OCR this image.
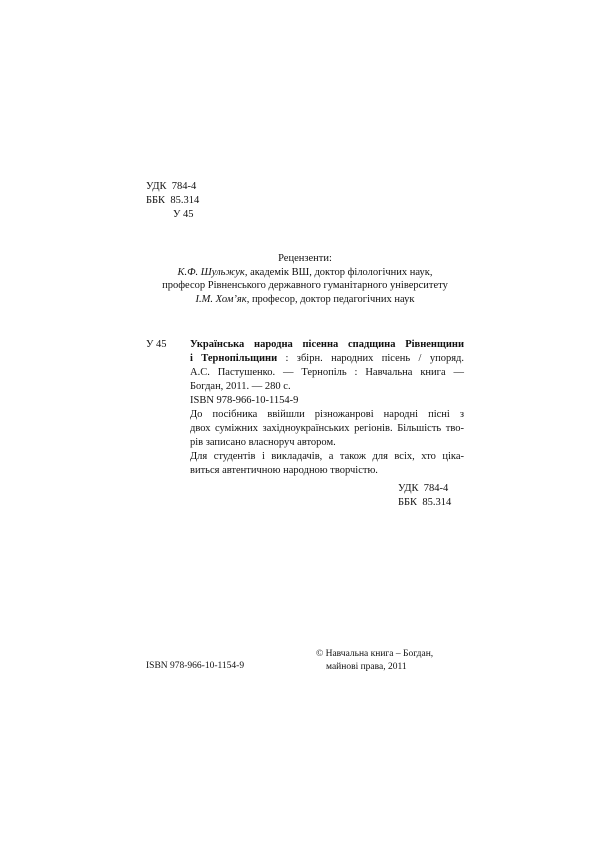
УДК 784-4
ББК 85.314
У 45
Рецензенти:
К.Ф. Шульжук, академік ВШ, доктор філологічних наук,
професор Рівненського державного гуманітарного університету
І.М. Хом’як, професор, доктор педагогічних наук
У 45 Українська народна пісенна спадщина Рівненщини
і Тернопільщини : збірн. народних пісень / упоряд.
А.С. Пастушенко. — Тернопіль : Навчальна книга —
Богдан, 2011. — 280 с.
ISBN 978-966-10-1154-9
До посібника ввійшли різножанрові народні пісні з
двох суміжних західноукраїнських регіонів. Більшість тво-
рів записано власноруч автором.
Для студентів і викладачів, а також для всіх, хто ціка-
виться автентичною народною творчістю.
УДК 784-4
ББК 85.314
ISBN 978-966-10-1154-9
© Навчальна книга – Богдан,
майнові права, 2011
